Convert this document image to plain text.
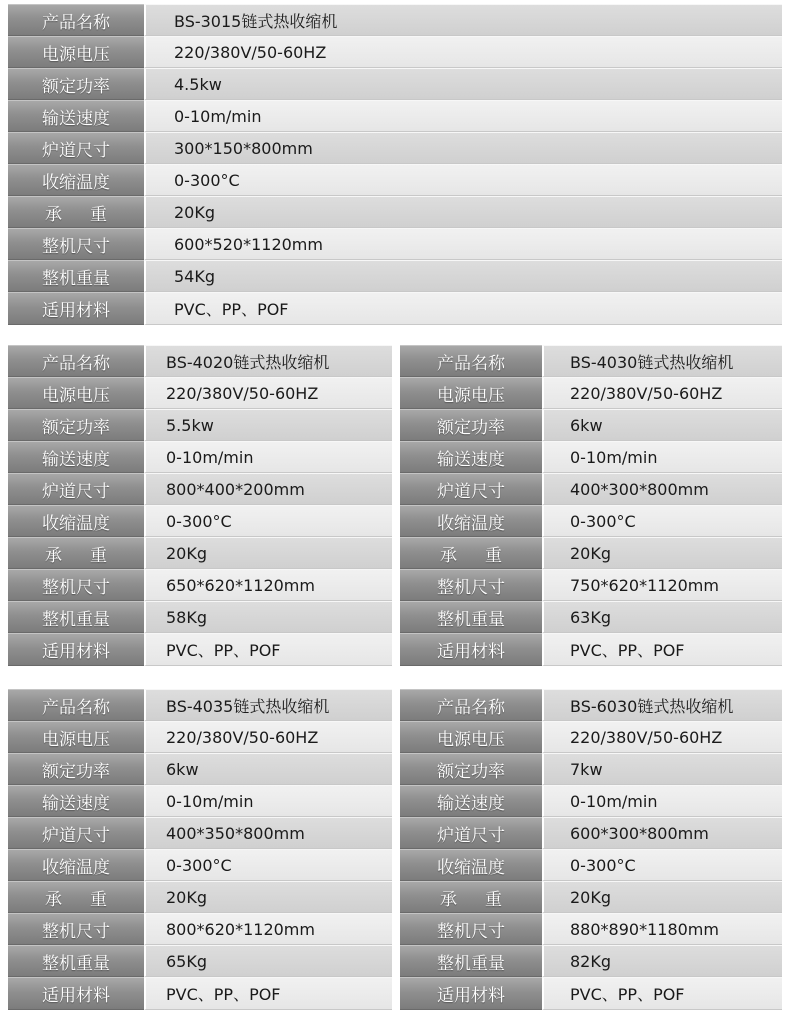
产品名称	BS-3015链式热收缩机
电源电压	220/380V/50-60HZ
额定功率	4.5kw
输送速度	0-10m/min
炉道尺寸	300*150*800mm
收缩温度	0-300°C
承重	20Kg
整机尺寸	600*520*1120mm
整机重量	54Kg
适用材料	PVC、PP、POF
产品名称	BS-4020链式热收缩机
电源电压	220/380V/50-60HZ
额定功率	5.5kw
输送速度	0-10m/min
炉道尺寸	800*400*200mm
收缩温度	0-300°C
承重	20Kg
整机尺寸	650*620*1120mm
整机重量	58Kg
适用材料	PVC、PP、POF
产品名称	BS-4030链式热收缩机
电源电压	220/380V/50-60HZ
额定功率	6kw
输送速度	0-10m/min
炉道尺寸	400*300*800mm
收缩温度	0-300°C
承重	20Kg
整机尺寸	750*620*1120mm
整机重量	63Kg
适用材料	PVC、PP、POF
产品名称	BS-4035链式热收缩机
电源电压	220/380V/50-60HZ
额定功率	6kw
输送速度	0-10m/min
炉道尺寸	400*350*800mm
收缩温度	0-300°C
承重	20Kg
整机尺寸	800*620*1120mm
整机重量	65Kg
适用材料	PVC、PP、POF
产品名称	BS-6030链式热收缩机
电源电压	220/380V/50-60HZ
额定功率	7kw
输送速度	0-10m/min
炉道尺寸	600*300*800mm
收缩温度	0-300°C
承重	20Kg
整机尺寸	880*890*1180mm
整机重量	82Kg
适用材料	PVC、PP、POF
